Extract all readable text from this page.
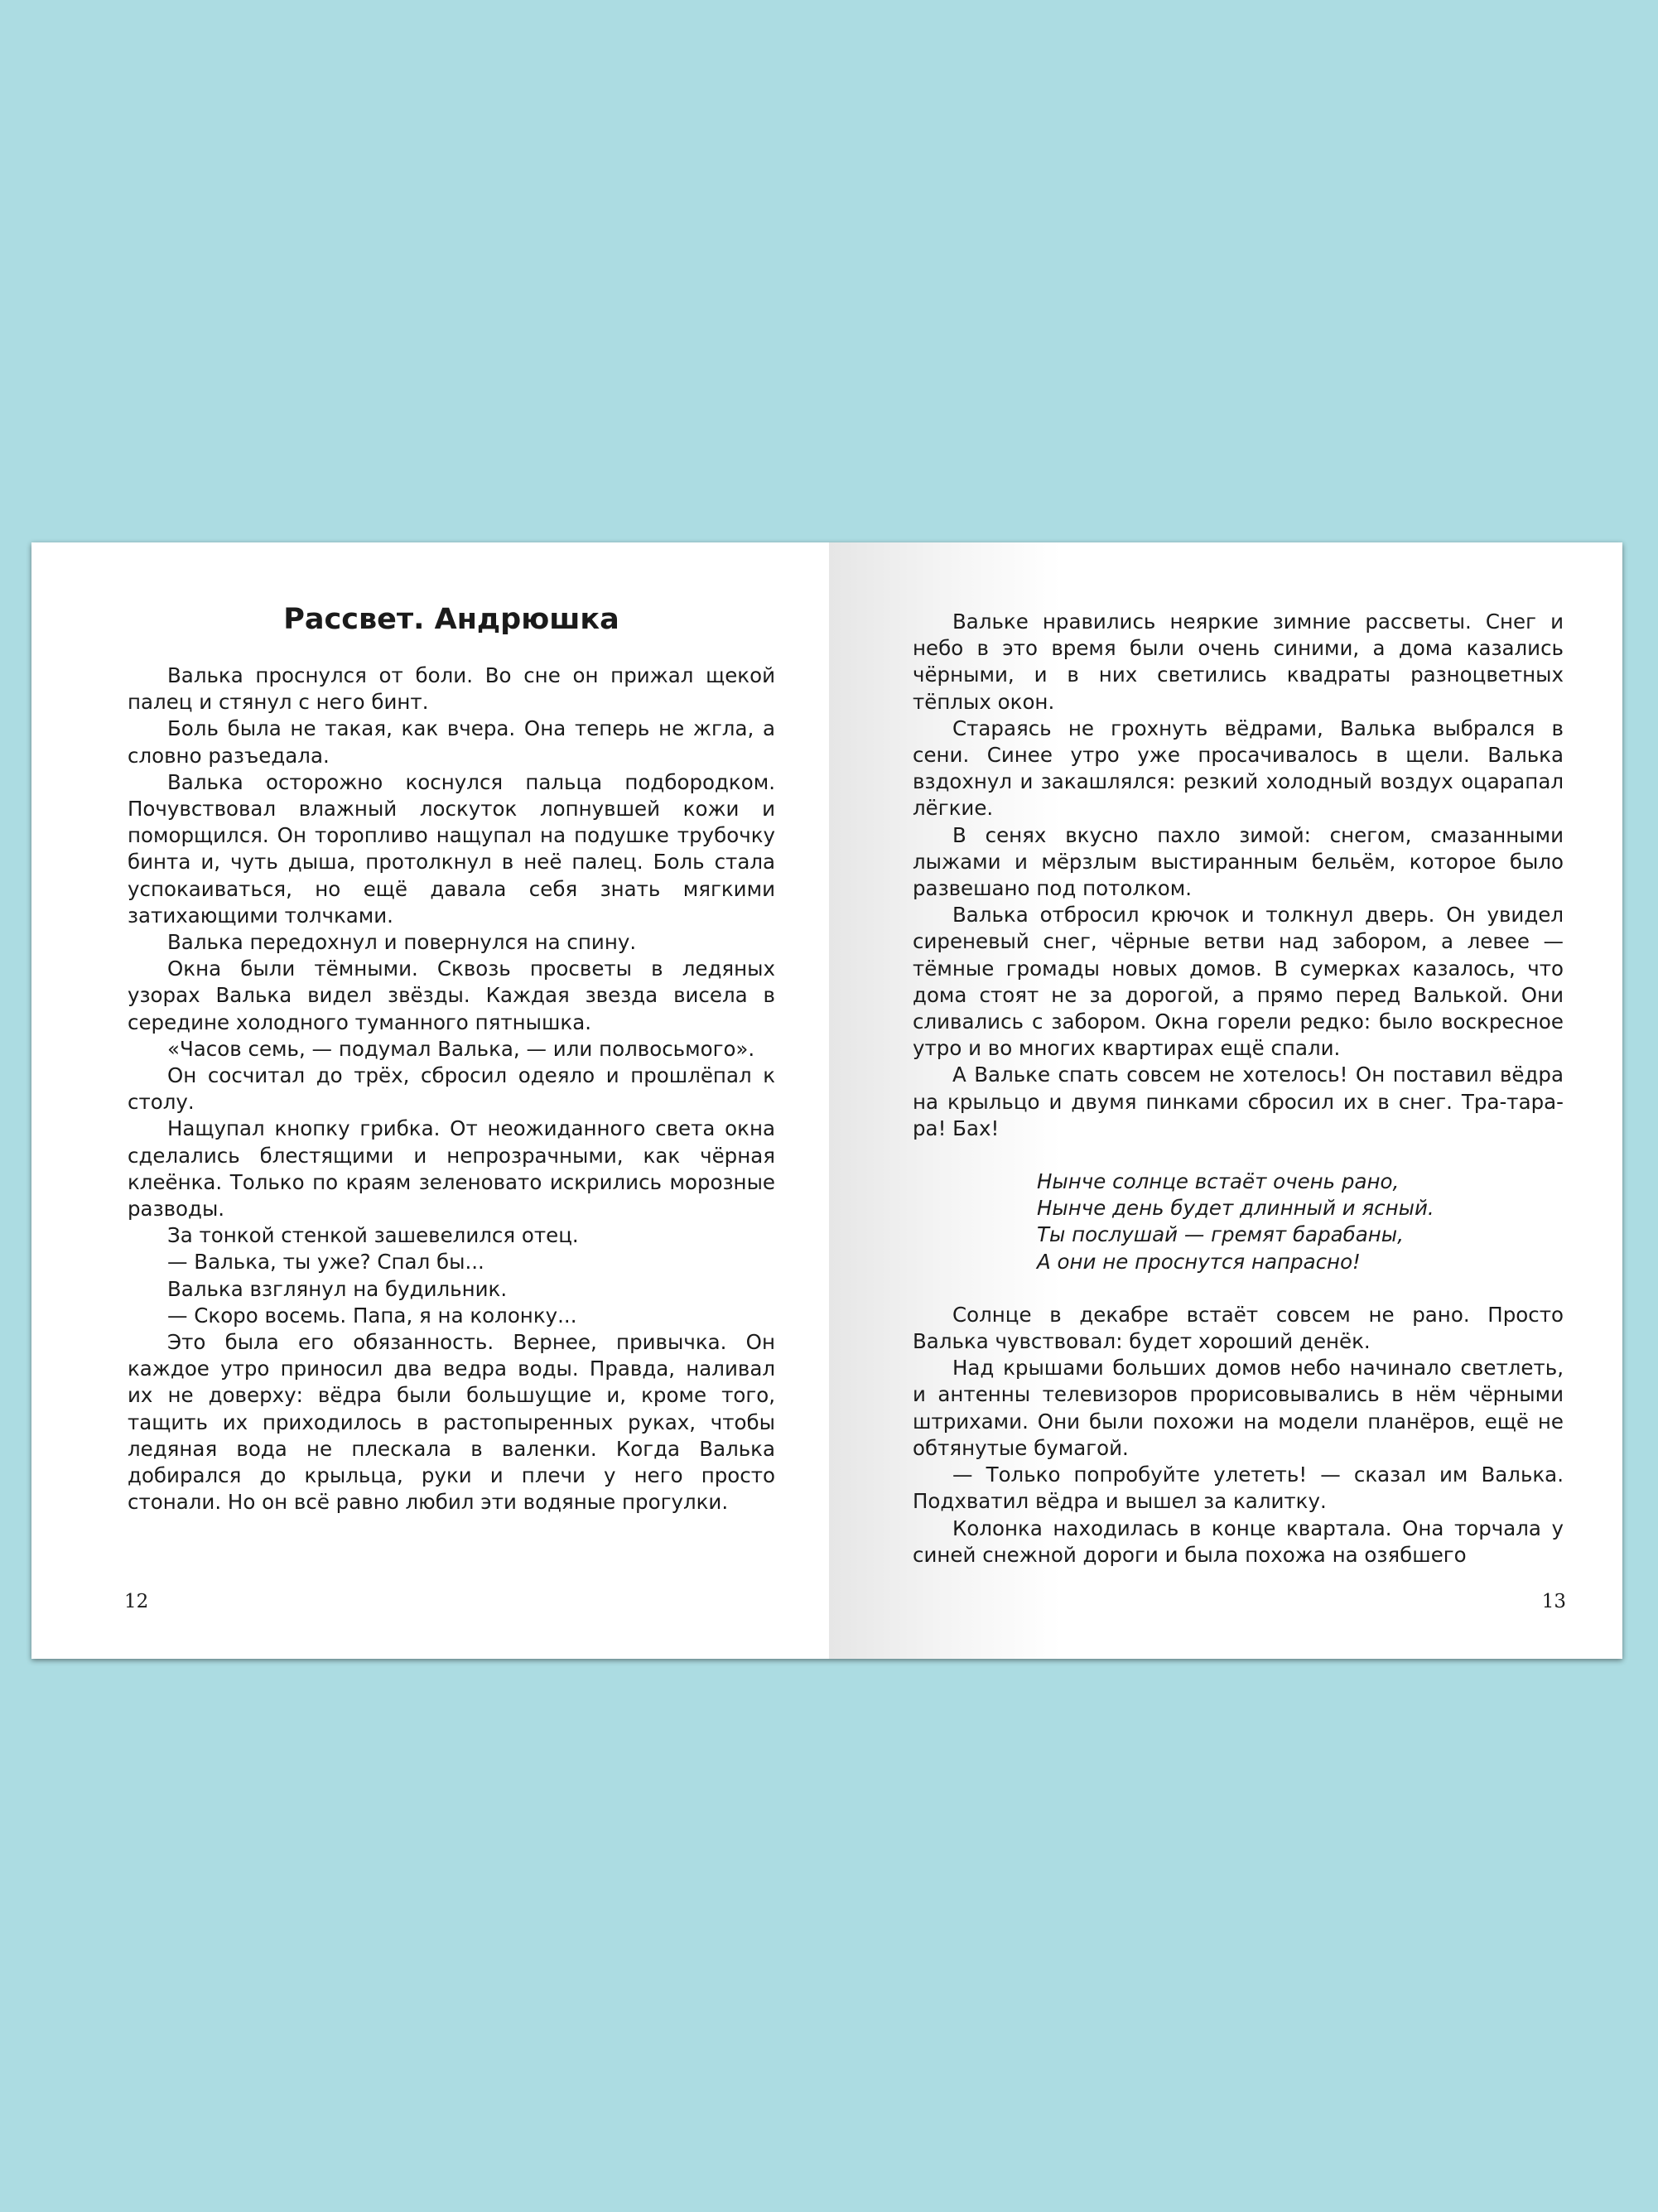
Рассвет. Андрюшка

Валька проснулся от боли. Во сне он прижал щекой палец и стянул с него бинт.

Боль была не такая, как вчера. Она теперь не жгла, а словно разъедала.

Валька осторожно коснулся пальца подбородком. Почувствовал влажный лоскуток лопнувшей кожи и поморщился. Он торопливо нащупал на подушке трубочку бинта и, чуть дыша, протолкнул в неё палец. Боль стала успокаиваться, но ещё давала себя знать мягкими затихающими толчками.

Валька передохнул и повернулся на спину.

Окна были тёмными. Сквозь просветы в ледяных узорах Валька видел звёзды. Каждая звезда висела в середине холодного туманного пятнышка.

«Часов семь, — подумал Валька, — или полвосьмого».

Он сосчитал до трёх, сбросил одеяло и прошлёпал к столу.

Нащупал кнопку грибка. От неожиданного света окна сделались блестящими и непрозрачными, как чёрная клеёнка. Только по краям зеленовато искрились морозные разводы.

За тонкой стенкой зашевелился отец.

— Валька, ты уже? Спал бы...

Валька взглянул на будильник.

— Скоро восемь. Папа, я на колонку...

Это была его обязанность. Вернее, привычка. Он каждое утро приносил два ведра воды. Правда, наливал их не доверху: вёдра были большущие и, кроме того, тащить их приходилось в растопыренных руках, чтобы ледяная вода не плескала в валенки. Когда Валька добирался до крыльца, руки и плечи у него просто стонали. Но он всё равно любил эти водяные прогулки.

12

Вальке нравились неяркие зимние рассветы. Снег и небо в это время были очень синими, а дома казались чёрными, и в них светились квадраты разноцветных тёплых окон.

Стараясь не грохнуть вёдрами, Валька выбрался в сени. Синее утро уже просачивалось в щели. Валька вздохнул и закашлялся: резкий холодный воздух оцарапал лёгкие.

В сенях вкусно пахло зимой: снегом, смазанными лыжами и мёрзлым выстиранным бельём, которое было развешано под потолком.

Валька отбросил крючок и толкнул дверь. Он увидел сиреневый снег, чёрные ветви над забором, а левее — тёмные громады новых домов. В сумерках казалось, что дома стоят не за дорогой, а прямо перед Валькой. Они сливались с забором. Окна горели редко: было воскресное утро и во многих квартирах ещё спали.

А Вальке спать совсем не хотелось! Он поставил вёдра на крыльцо и двумя пинками сбросил их в снег. Тра-тара-ра! Бах!

Нынче солнце встаёт очень рано,
Нынче день будет длинный и ясный.
Ты послушай — гремят барабаны,
А они не проснутся напрасно!

Солнце в декабре встаёт совсем не рано. Просто Валька чувствовал: будет хороший денёк.

Над крышами больших домов небо начинало светлеть, и антенны телевизоров прорисовывались в нём чёрными штрихами. Они были похожи на модели планёров, ещё не обтянутые бумагой.

— Только попробуйте улететь! — сказал им Валька. Подхватил вёдра и вышел за калитку.

Колонка находилась в конце квартала. Она торчала у синей снежной дороги и была похожа на озябшего

13
